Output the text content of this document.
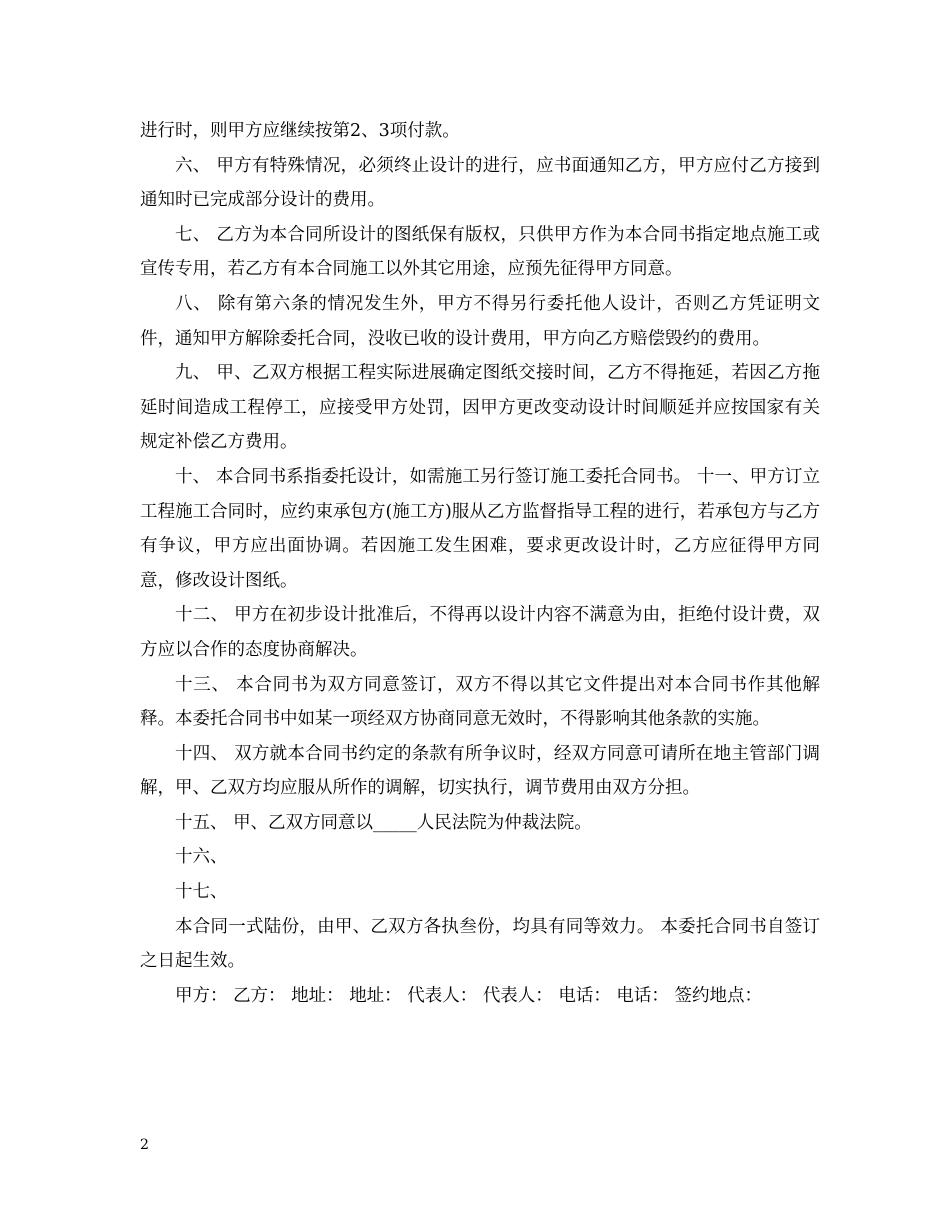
进行时，则甲方应继续按第2、3项付款。

六、 甲方有特殊情况，必须终止设计的进行，应书面通知乙方，甲方应付乙方接到通知时已完成部分设计的费用。

七、 乙方为本合同所设计的图纸保有版权，只供甲方作为本合同书指定地点施工或宣传专用，若乙方有本合同施工以外其它用途，应预先征得甲方同意。

八、 除有第六条的情况发生外，甲方不得另行委托他人设计，否则乙方凭证明文件，通知甲方解除委托合同，没收已收的设计费用，甲方向乙方赔偿毁约的费用。

九、 甲、乙双方根据工程实际进展确定图纸交接时间，乙方不得拖延，若因乙方拖延时间造成工程停工，应接受甲方处罚，因甲方更改变动设计时间顺延并应按国家有关规定补偿乙方费用。

十、 本合同书系指委托设计，如需施工另行签订施工委托合同书。 十一、甲方订立工程施工合同时，应约束承包方(施工方)服从乙方监督指导工程的进行，若承包方与乙方有争议，甲方应出面协调。若因施工发生困难，要求更改设计时，乙方应征得甲方同意，修改设计图纸。

十二、 甲方在初步设计批准后，不得再以设计内容不满意为由，拒绝付设计费，双方应以合作的态度协商解决。

十三、 本合同书为双方同意签订，双方不得以其它文件提出对本合同书作其他解释。本委托合同书中如某一项经双方协商同意无效时，不得影响其他条款的实施。

十四、 双方就本合同书约定的条款有所争议时，经双方同意可请所在地主管部门调解，甲、乙双方均应服从所作的调解，切实执行，调节费用由双方分担。

十五、 甲、乙双方同意以_____人民法院为仲裁法院。

十六、

十七、

本合同一式陆份，由甲、乙双方各执叁份，均具有同等效力。 本委托合同书自签订之日起生效。

甲方： 乙方： 地址： 地址： 代表人： 代表人： 电话： 电话： 签约地点：

2
